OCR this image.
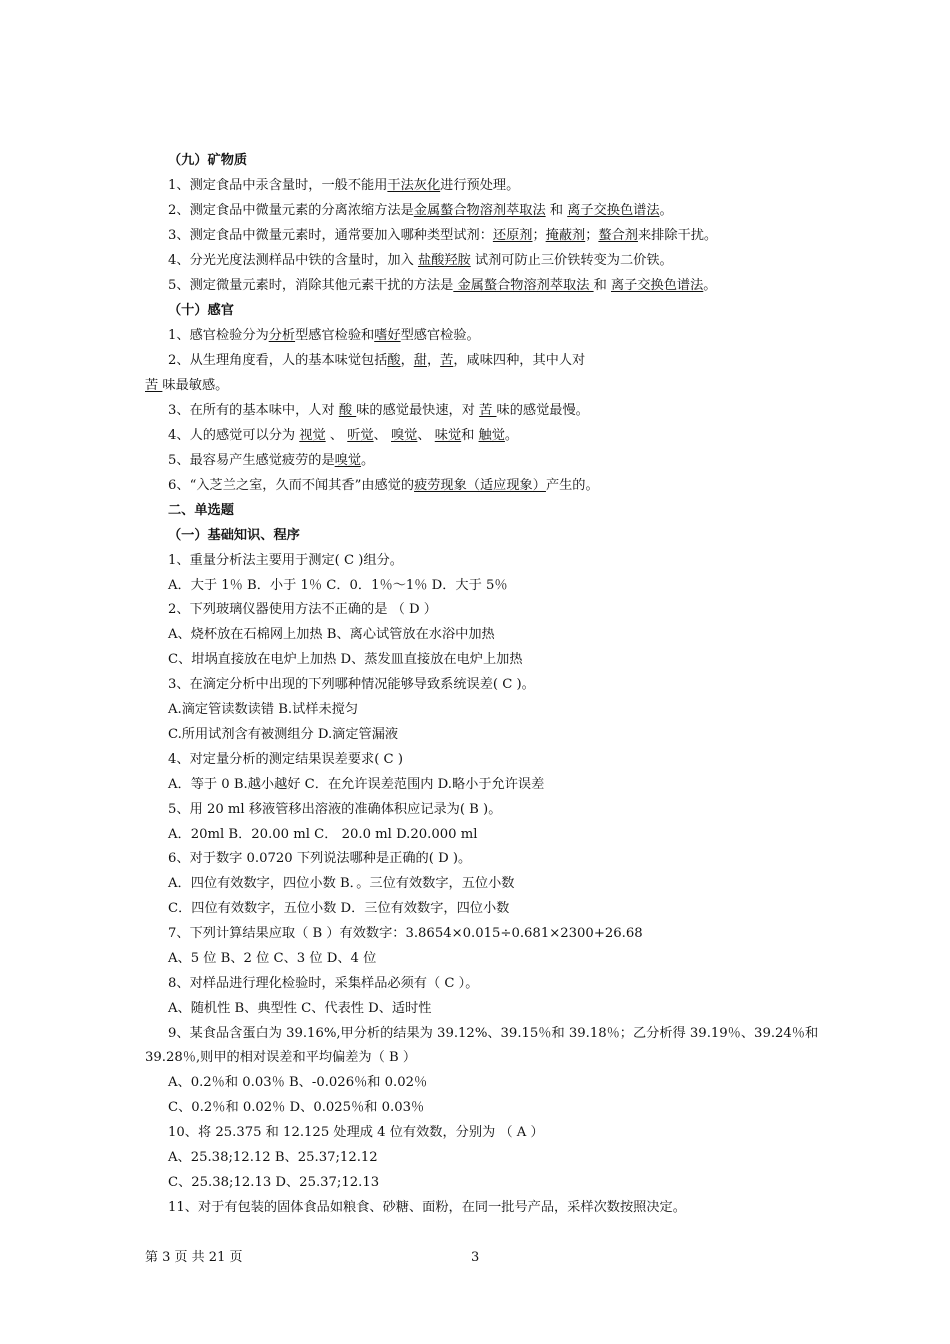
（九）矿物质
1、测定食品中汞含量时，一般不能用干法灰化进行预处理。
2、测定食品中微量元素的分离浓缩方法是金属螯合物溶剂萃取法 和 离子交换色谱法。
3、测定食品中微量元素时，通常要加入哪种类型试剂：还原剂；掩蔽剂；螯合剂来排除干扰。
4、分光光度法测样品中铁的含量时，加入 盐酸羟胺 试剂可防止三价铁转变为二价铁。
5、测定微量元素时，消除其他元素干扰的方法是 金属螯合物溶剂萃取法 和 离子交换色谱法。
（十）感官
1、感官检验分为分析型感官检验和嗜好型感官检验。
2、从生理角度看，人的基本味觉包括酸，甜，苦，咸味四种，其中人对
苦 味最敏感。
3、在所有的基本味中，人对 酸 味的感觉最快速，对 苦 味的感觉最慢。
4、人的感觉可以分为 视觉 、 听觉、 嗅觉、 味觉和 触觉。
5、最容易产生感觉疲劳的是嗅觉。
6、“入芝兰之室，久而不闻其香”由感觉的疲劳现象（适应现象）产生的。
二、单选题
（一）基础知识、程序
1、重量分析法主要用于测定( C )组分。
A．大于 1％ B．小于 1％ C．0．1％～1％ D．大于 5％
2、下列玻璃仪器使用方法不正确的是 （ D ）
A、烧杯放在石棉网上加热 B、离心试管放在水浴中加热
C、坩埚直接放在电炉上加热 D、蒸发皿直接放在电炉上加热
3、在滴定分析中出现的下列哪种情况能够导致系统误差( C )。
A.滴定管读数读错 B.试样未搅匀
C.所用试剂含有被测组分 D.滴定管漏液
4、对定量分析的测定结果误差要求( C )
A．等于 0 B.越小越好 C．在允许误差范围内 D.略小于允许误差
5、用 20 ml 移液管移出溶液的准确体积应记录为( B )。
A．20ml B．20.00 ml C． 20.0 ml D.20.000 ml
6、对于数字 0.0720 下列说法哪种是正确的( D )。
A．四位有效数字，四位小数 B．。三位有效数字，五位小数
C．四位有效数字，五位小数 D．三位有效数字，四位小数
7、下列计算结果应取（ B ）有效数字：3.8654×0.015÷0.681×2300+26.68
A、5 位 B、2 位 C、3 位 D、4 位
8、对样品进行理化检验时，采集样品必须有（ C ）。
A、随机性 B、典型性 C、代表性 D、适时性
9、某食品含蛋白为 39.16%,甲分析的结果为 39.12%、39.15％和 39.18％；乙分析得 39.19％、39.24％和
39.28％,则甲的相对误差和平均偏差为（ B ）
A、0.2％和 0.03％ B、-0.026％和 0.02％
C、0.2％和 0.02％ D、0.025％和 0.03％
10、将 25.375 和 12.125 处理成 4 位有效数，分别为 （ A ）
A、25.38;12.12 B、25.37;12.12
C、25.38;12.13 D、25.37;12.13
11、对于有包装的固体食品如粮食、砂糖、面粉，在同一批号产品，采样次数按照决定。
第 3 页 共 21 页	3
